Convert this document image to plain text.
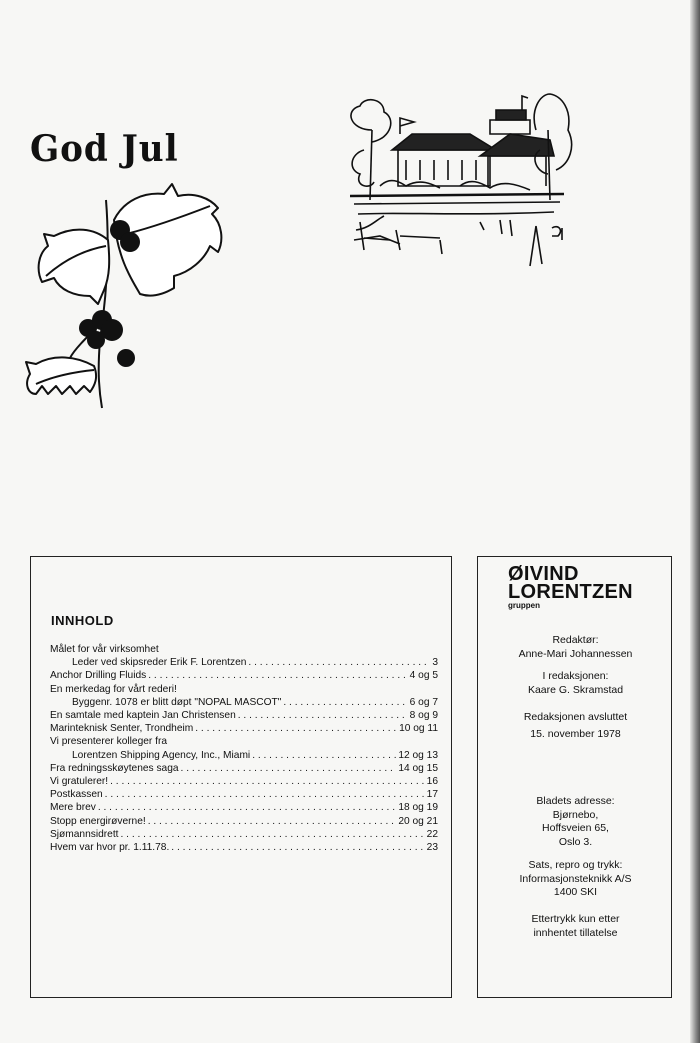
God Jul
INNHOLD
Målet for vår virksomhet
Leder ved skipsreder Erik F. Lorentzen . . .	3
Anchor Drilling Fluids . . .	4 og 5
En merkedag for vårt rederi!
Byggenr. 1078 er blitt døpt "NOPAL MASCOT" . . .	6 og 7
En samtale med kaptein Jan Christensen . . .	8 og 9
Marinteknisk Senter, Trondheim . . .	10 og 11
Vi presenterer kolleger fra
Lorentzen Shipping Agency, Inc., Miami . . .	12 og 13
Fra redningsskøytenes saga . . .	14 og 15
Vi gratulerer! . . .	16
Postkassen . . .	17
Mere brev . . .	18 og 19
Stopp energirøverne! . . .	20 og 21
Sjømannsidrett . . .	22
Hvem var hvor pr. 1.11.78. . . .	23
ØIVIND
LORENTZEN
gruppen
Redaktør:
Anne-Mari Johannessen
I redaksjonen:
Kaare G. Skramstad
Redaksjonen avsluttet
15. november 1978
Bladets adresse:
Bjørnebo,
Hoffsveien 65,
Oslo 3.
Sats, repro og trykk:
Informasjonsteknikk A/S
1400 SKI
Ettertrykk kun etter
innhentet tillatelse
